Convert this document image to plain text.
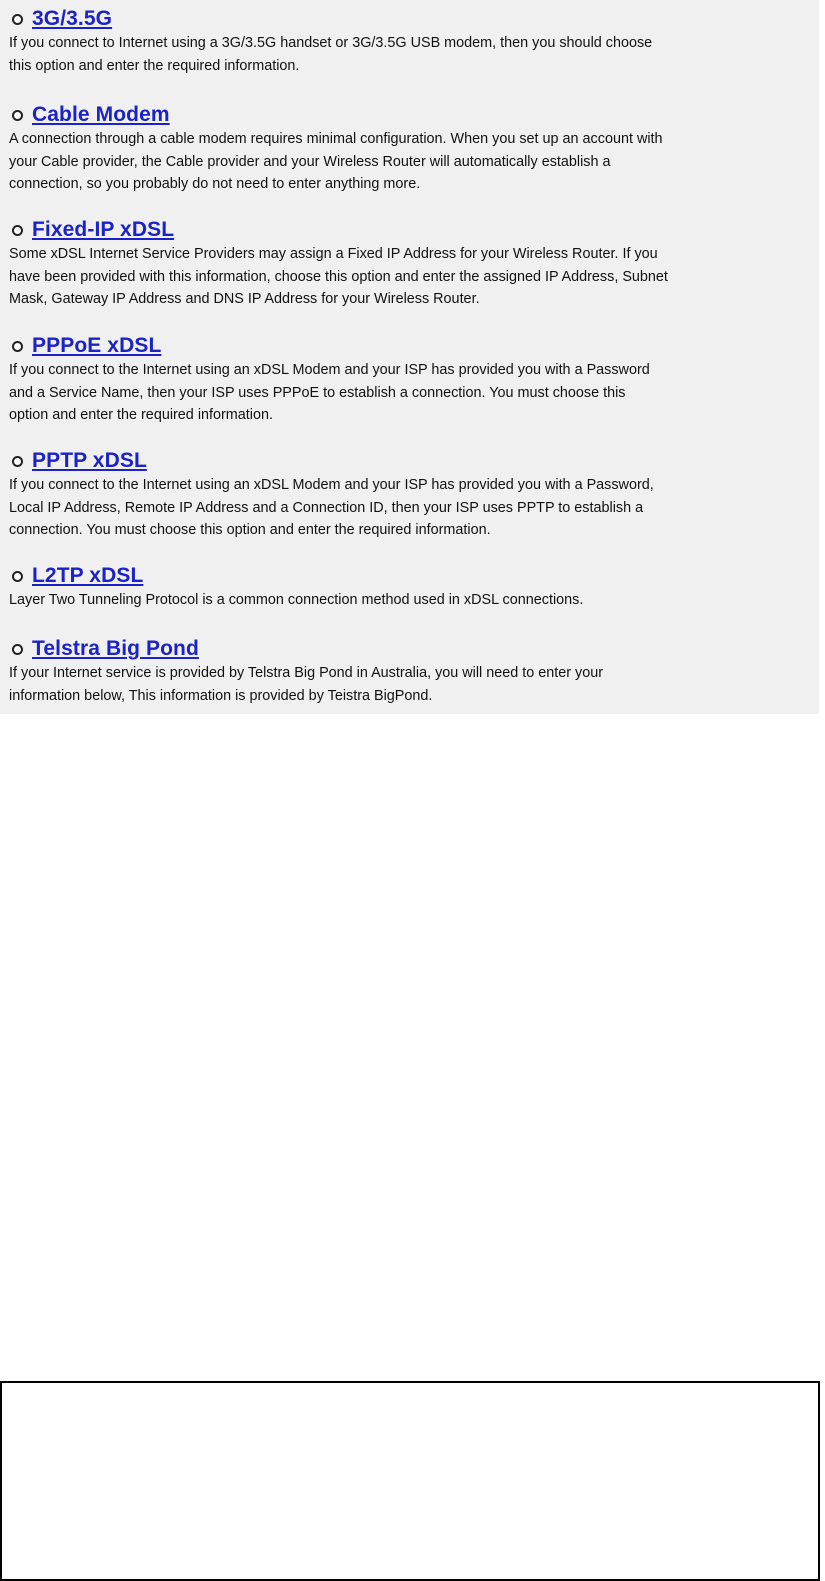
3G/3.5G

If you connect to Internet using a 3G/3.5G handset or 3G/3.5G USB modem, then you should choose
this option and enter the required information.

Cable Modem

A connection through a cable modem requires minimal configuration. When you set up an account with
your Cable provider, the Cable provider and your Wireless Router will automatically establish a
connection, so you probably do not need to enter anything more.

Fixed-IP xDSL

Some xDSL Internet Service Providers may assign a Fixed IP Address for your Wireless Router. If you
have been provided with this information, choose this option and enter the assigned IP Address, Subnet
Mask, Gateway IP Address and DNS IP Address for your Wireless Router.

PPPoE xDSL

If you connect to the Internet using an xDSL Modem and your ISP has provided you with a Password
and a Service Name, then your ISP uses PPPoE to establish a connection. You must choose this
option and enter the required information.

PPTP xDSL

If you connect to the Internet using an xDSL Modem and your ISP has provided you with a Password,
Local IP Address, Remote IP Address and a Connection ID, then your ISP uses PPTP to establish a
connection. You must choose this option and enter the required information.

L2TP xDSL

Layer Two Tunneling Protocol is a common connection method used in xDSL connections.

Telstra Big Pond

If your Internet service is provided by Telstra Big Pond in Australia, you will need to enter your
information below, This information is provided by Teistra BigPond.
